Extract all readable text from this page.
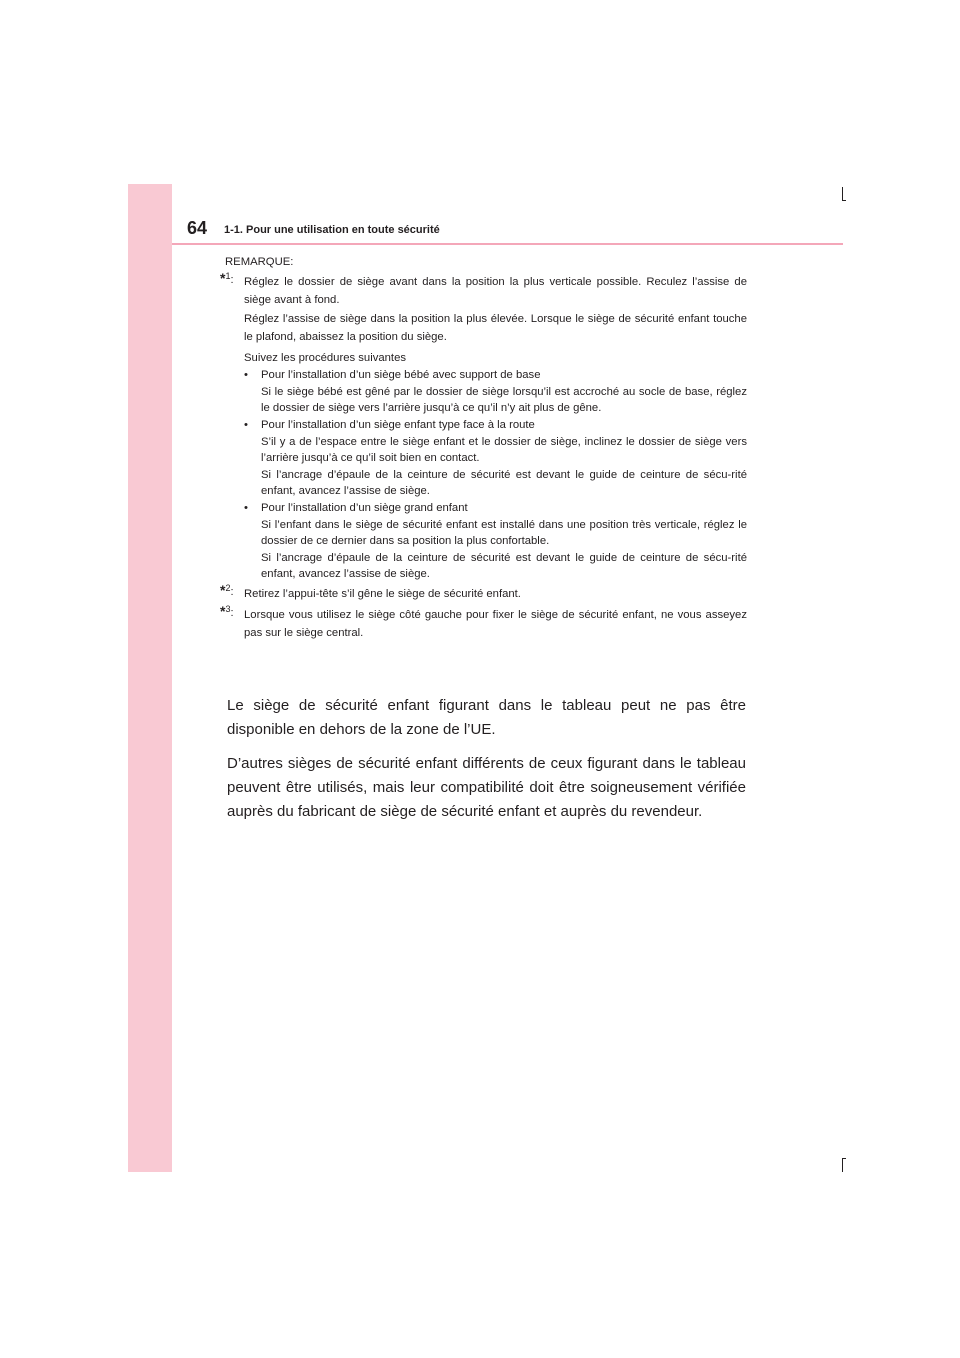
64 1-1. Pour une utilisation en toute sécurité

REMARQUE:

*$^1$: Réglez le dossier de siège avant dans la position la plus verticale possible. Reculez l’assise de siège avant à fond.

Réglez l’assise de siège dans la position la plus élevée. Lorsque le siège de sécurité enfant touche le plafond, abaissez la position du siège.

Suivez les procédures suivantes

• Pour l’installation d’un siège bébé avec support de base

Si le siège bébé est gêné par le dossier de siège lorsqu’il est accroché au socle de base, réglez le dossier de siège vers l’arrière jusqu’à ce qu’il n’y ait plus de gêne.

• Pour l’installation d’un siège enfant type face à la route

S’il y a de l’espace entre le siège enfant et le dossier de siège, inclinez le dossier de siège vers l’arrière jusqu’à ce qu’il soit bien en contact.

Si l’ancrage d’épaule de la ceinture de sécurité est devant le guide de ceinture de sécu-rité enfant, avancez l’assise de siège.

• Pour l’installation d’un siège grand enfant

Si l’enfant dans le siège de sécurité enfant est installé dans une position très verticale, réglez le dossier de ce dernier dans sa position la plus confortable.

Si l’ancrage d’épaule de la ceinture de sécurité est devant le guide de ceinture de sécu-rité enfant, avancez l’assise de siège.

*$^2$: Retirez l’appui-tête s’il gêne le siège de sécurité enfant.

*$^3$: Lorsque vous utilisez le siège côté gauche pour fixer le siège de sécurité enfant, ne vous asseyez pas sur le siège central.

Le siège de sécurité enfant figurant dans le tableau peut ne pas être disponible en dehors de la zone de l’UE.

D’autres sièges de sécurité enfant différents de ceux figurant dans le tableau peuvent être utilisés, mais leur compatibilité doit être soigneusement vérifiée auprès du fabricant de siège de sécurité enfant et auprès du revendeur.
